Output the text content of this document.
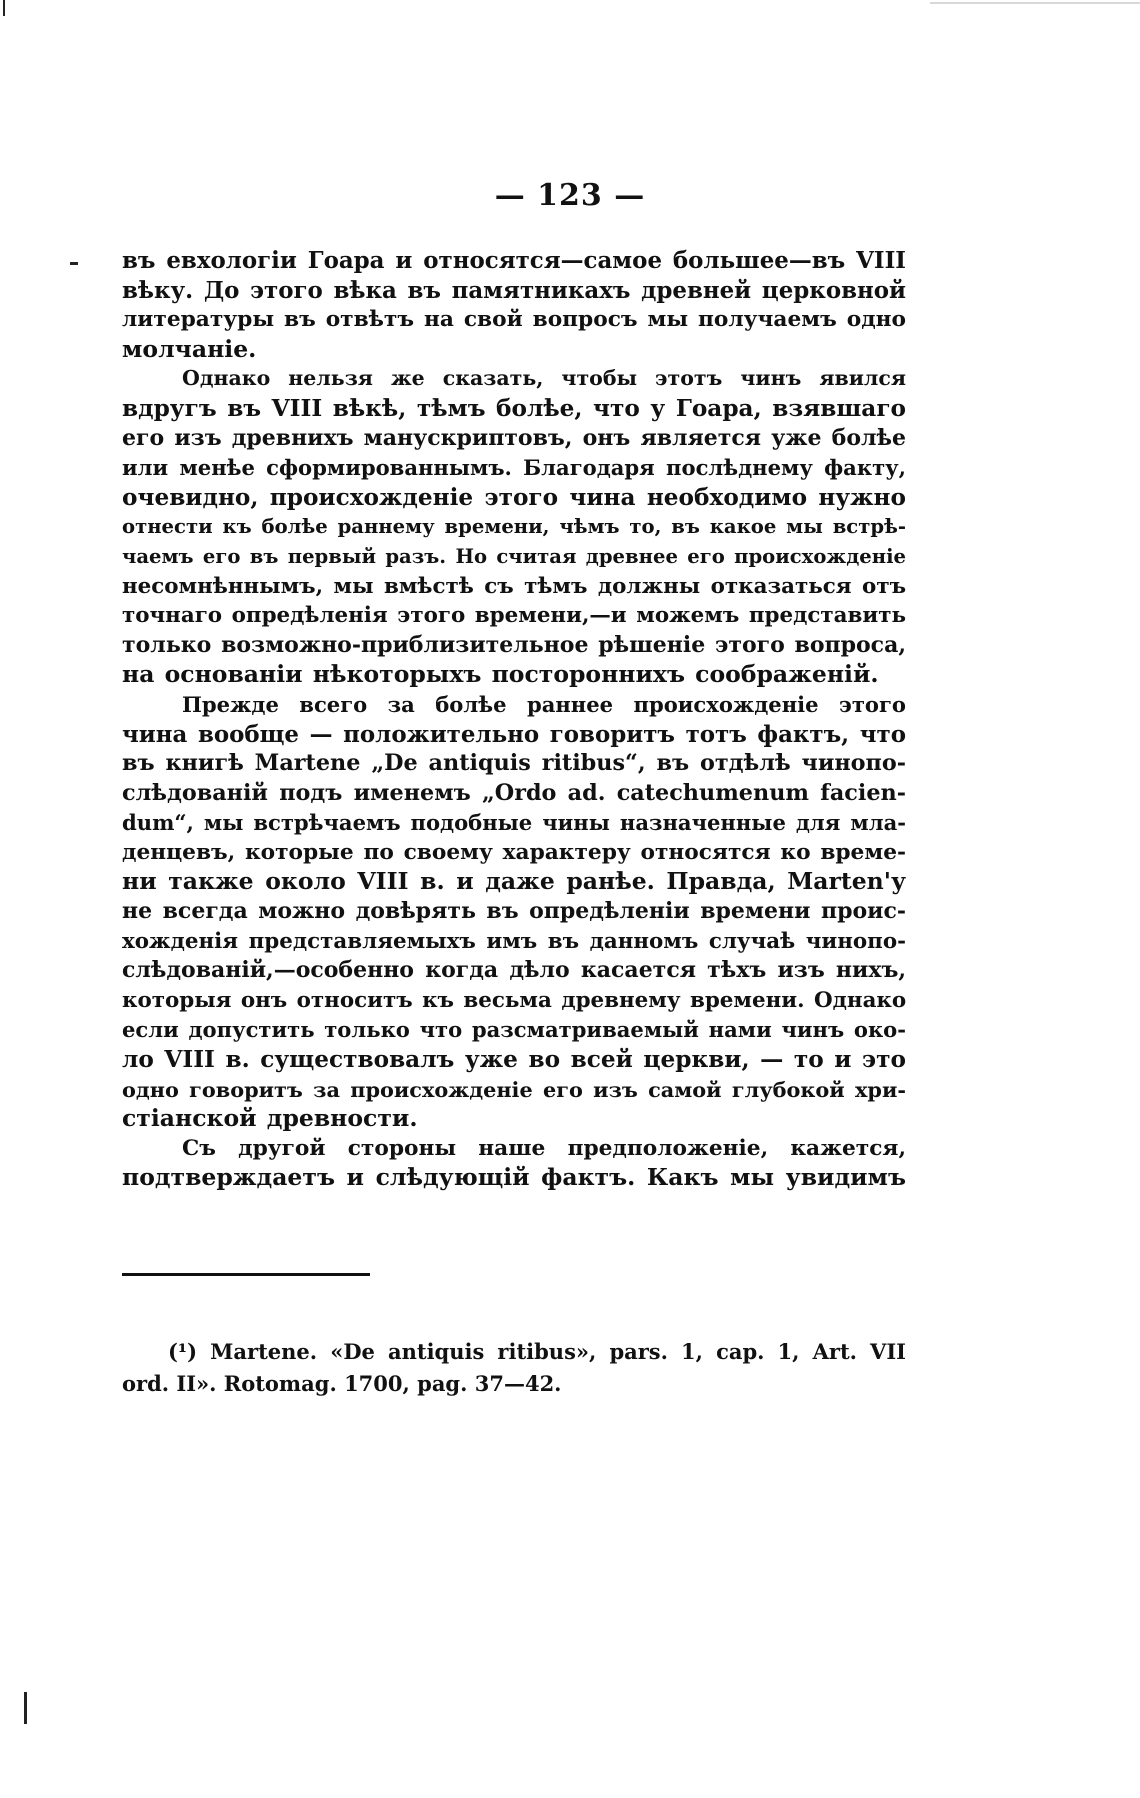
— 123 —
въ евхологіи Гоара и относятся—самое большее—въ VIII
вѣку. До этого вѣка въ памятникахъ древней церковной
литературы въ отвѣтъ на свой вопросъ мы получаемъ одно
молчаніе.
Однако нельзя же сказать, чтобы этотъ чинъ явился
вдругъ въ VIII вѣкѣ, тѣмъ болѣе, что у Гоара, взявшаго
его изъ древнихъ манускриптовъ, онъ является уже болѣе
или менѣе сформированнымъ. Благодаря послѣднему факту,
очевидно, происхожденіе этого чина необходимо нужно
отнести къ болѣе раннему времени, чѣмъ то, въ какое мы встрѣ-
чаемъ его въ первый разъ. Но считая древнее его происхожденіе
несомнѣннымъ, мы вмѣстѣ съ тѣмъ должны отказаться отъ
точнаго опредѣленія этого времени,—и можемъ представить
только возможно-приблизительное рѣшеніе этого вопроса,
на основаніи нѣкоторыхъ постороннихъ соображеній.
Прежде всего за болѣе раннее происхожденіе этого
чина вообще — положительно говоритъ тотъ фактъ, что
въ книгѣ Martene „De antiquis ritibus“, въ отдѣлѣ чинопо-
слѣдованій подъ именемъ „Ordo ad. catechumenum facien-
dum“, мы встрѣчаемъ подобные чины назначенные для мла-
денцевъ, которые по своему характеру относятся ко време-
ни также около VIII в. и даже ранѣе. Правда, Marten'у
не всегда можно довѣрять въ опредѣленіи времени проис-
хожденія представляемыхъ имъ въ данномъ случаѣ чинопо-
слѣдованій,—особенно когда дѣло касается тѣхъ изъ нихъ,
которыя онъ относитъ къ весьма древнему времени. Однако
если допустить только что разсматриваемый нами чинъ око-
ло VIII в. существовалъ уже во всей церкви, — то и это
одно говоритъ за происхожденіе его изъ самой глубокой хри-
стіанской древности.
Съ другой стороны наше предположеніе, кажется,
подтверждаетъ и слѣдующій фактъ. Какъ мы увидимъ
(¹) Martene. «De antiquis ritibus», pars. 1, cap. 1, Art. VII
ord. II». Rotomag. 1700, pag. 37—42.
